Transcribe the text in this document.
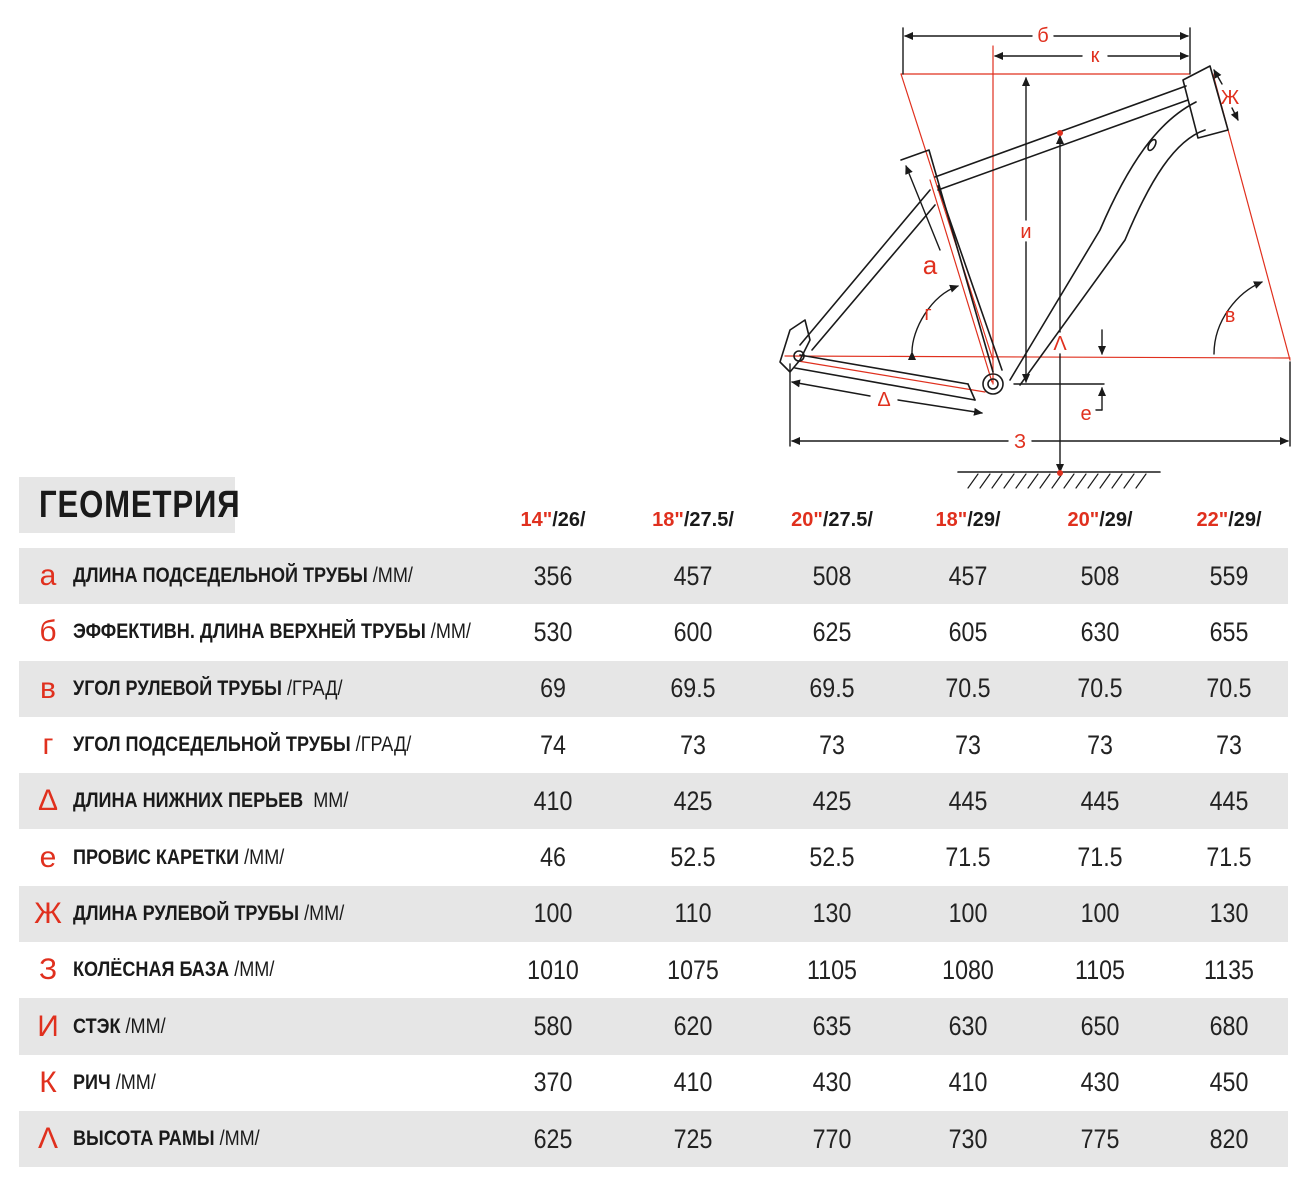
б
к
Ж
и
а
г	в
Λ
Δ
е
З
ГЕОМЕТРИЯ	14"/26/	18"/27.5/	20"/27.5/	18"/29/	20"/29/	22"/29/
а ДЛИНА ПОДСЕДЕЛЬНОЙ ТРУБЫ /ММ/	356	457	508	457	508	559
б ЭФФЕКТИВН. ДЛИНА ВЕРХНЕЙ ТРУБЫ /ММ/ 530	600	625	605	630	655
в УГОЛ РУЛЕВОЙ ТРУБЫ /ГРАД/	69	69.5	69.5	70.5	70.5	70.5
г УГОЛ ПОДСЕДЕЛЬНОЙ ТРУБЫ /ГРАД/	74	73	73	73	73	73
Δ ДЛИНА НИЖНИХ ПЕРЬЕВ  ММ/	410	425	425	445	445	445
е ПРОВИС КАРЕТКИ /ММ/	46	52.5	52.5	71.5	71.5	71.5
Ж ДЛИНА РУЛЕВОЙ ТРУБЫ /ММ/	100	110	130	100	100	130
З КОЛЁСНАЯ БАЗА /ММ/	1010	1075	1105	1080	1105	1135
И СТЭК /ММ/	580	620	635	630	650	680
К РИЧ /ММ/	370	410	430	410	430	450
Λ ВЫСОТА РАМЫ /ММ/	625	725	770	730	775	820
